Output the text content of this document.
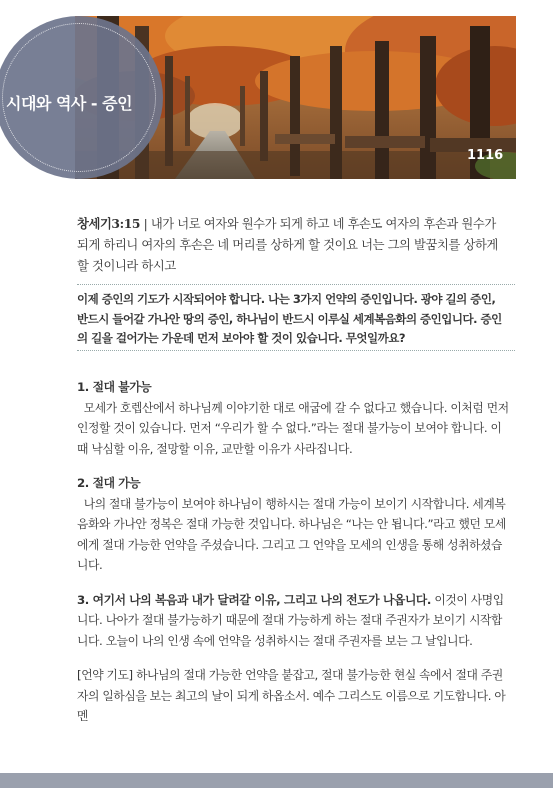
시대와 역사 - 증인
1116
창세기3:15 | 내가 너로 여자와 원수가 되게 하고 네 후손도 여자의 후손과 원수가 되게 하리니 여자의 후손은 네 머리를 상하게 할 것이요 너는 그의 발꿈치를 상하게 할 것이니라 하시고
이제 증인의 기도가 시작되어야 합니다. 나는 3가지 언약의 증인입니다. 광야 길의 증인, 반드시 들어갈 가나안 땅의 증인, 하나님이 반드시 이루실 세계복음화의 증인입니다. 증인의 길을 걸어가는 가운데 먼저 보아야 할 것이 있습니다. 무엇일까요?
1. 절대 불가능
모세가 호렙산에서 하나님께 이야기한 대로 애굽에 갈 수 없다고 했습니다. 이처럼 먼저 인정할 것이 있습니다. 먼저 “우리가 할 수 없다.”라는 절대 불가능이 보여야 합니다. 이때 낙심할 이유, 절망할 이유, 교만할 이유가 사라집니다.
2. 절대 가능
나의 절대 불가능이 보여야 하나님이 행하시는 절대 가능이 보이기 시작합니다. 세계복음화와 가나안 정복은 절대 가능한 것입니다. 하나님은 “나는 안 됩니다.”라고 했던 모세에게 절대 가능한 언약을 주셨습니다. 그리고 그 언약을 모세의 인생을 통해 성취하셨습니다.
3. 여기서 나의 복음과 내가 달려갈 이유, 그리고 나의 전도가 나옵니다. 이것이 사명입니다. 나아가 절대 불가능하기 때문에 절대 가능하게 하는 절대 주권자가 보이기 시작합니다. 오늘이 나의 인생 속에 언약을 성취하시는 절대 주권자를 보는 그 날입니다.
[언약 기도] 하나님의 절대 가능한 언약을 붙잡고, 절대 불가능한 현실 속에서 절대 주권자의 일하심을 보는 최고의 날이 되게 하옵소서. 예수 그리스도 이름으로 기도합니다. 아멘
